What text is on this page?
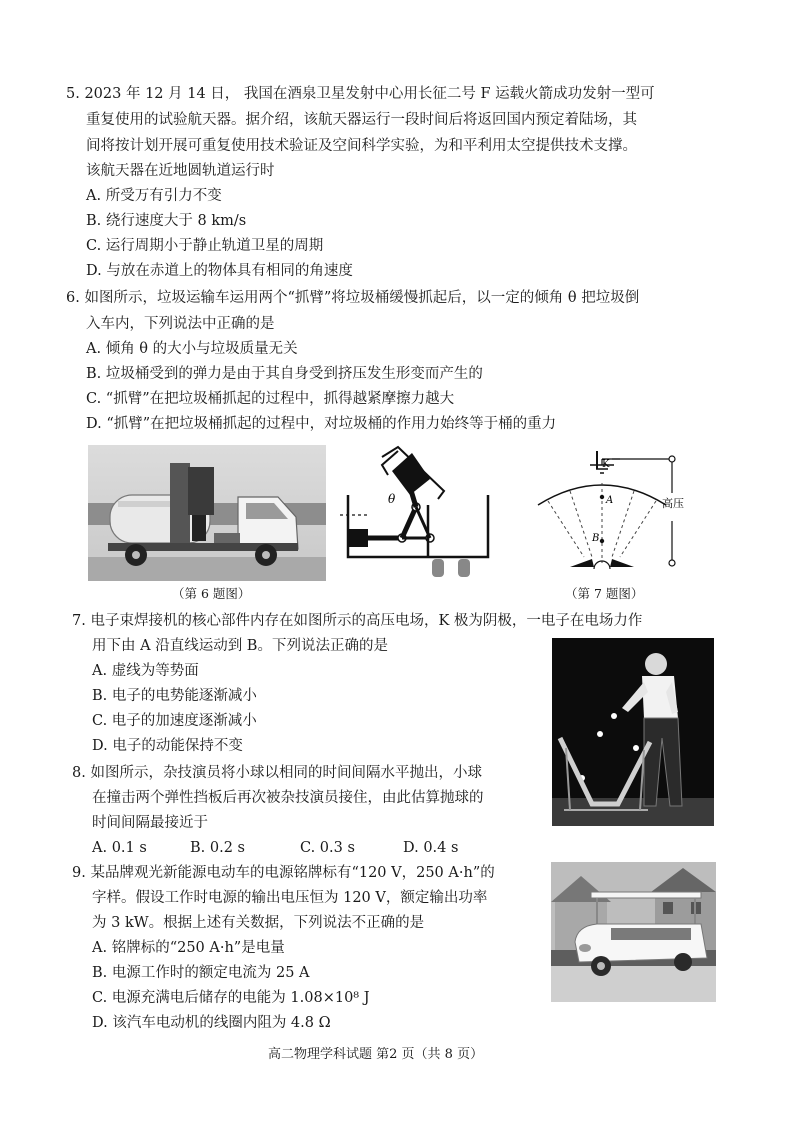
5. 2023 年 12 月 14 日， 我国在酒泉卫星发射中心用长征二号 F 运载火箭成功发射一型可
重复使用的试验航天器。据介绍，该航天器运行一段时间后将返回国内预定着陆场，其
间将按计划开展可重复使用技术验证及空间科学实验，为和平利用太空提供技术支撑。
该航天器在近地圆轨道运行时
A. 所受万有引力不变
B. 绕行速度大于 8 km/s
C. 运行周期小于静止轨道卫星的周期
D. 与放在赤道上的物体具有相同的角速度
6. 如图所示，垃圾运输车运用两个“抓臂”将垃圾桶缓慢抓起后，以一定的倾角 θ 把垃圾倒
入车内，下列说法中正确的是
A. 倾角 θ 的大小与垃圾质量无关
B. 垃圾桶受到的弹力是由于其自身受到挤压发生形变而产生的
C. “抓臂”在把垃圾桶抓起的过程中，抓得越紧摩擦力越大
D. “抓臂”在把垃圾桶抓起的过程中，对垃圾桶的作用力始终等于桶的重力
θ
K
高压
A
B
（第 6 题图）	（第 7 题图）
7. 电子束焊接机的核心部件内存在如图所示的高压电场，K 极为阴极，一电子在电场力作
用下由 A 沿直线运动到 B。下列说法正确的是
A. 虚线为等势面
B. 电子的电势能逐渐减小
C. 电子的加速度逐渐减小
D. 电子的动能保持不变
8. 如图所示，杂技演员将小球以相同的时间间隔水平抛出，小球
在撞击两个弹性挡板后再次被杂技演员接住，由此估算抛球的
时间间隔最接近于
A. 0.1 s	B. 0.2 s	C. 0.3 s	D. 0.4 s
9. 某品牌观光新能源电动车的电源铭牌标有“120 V，250 A·h”的
字样。假设工作时电源的输出电压恒为 120 V，额定输出功率
为 3 kW。根据上述有关数据，下列说法不正确的是
A. 铭牌标的“250 A·h”是电量
B. 电源工作时的额定电流为 25 A
C. 电源充满电后储存的电能为 1.08×10⁸ J
D. 该汽车电动机的线圈内阻为 4.8 Ω
高二物理学科试题 第2 页（共 8 页）
